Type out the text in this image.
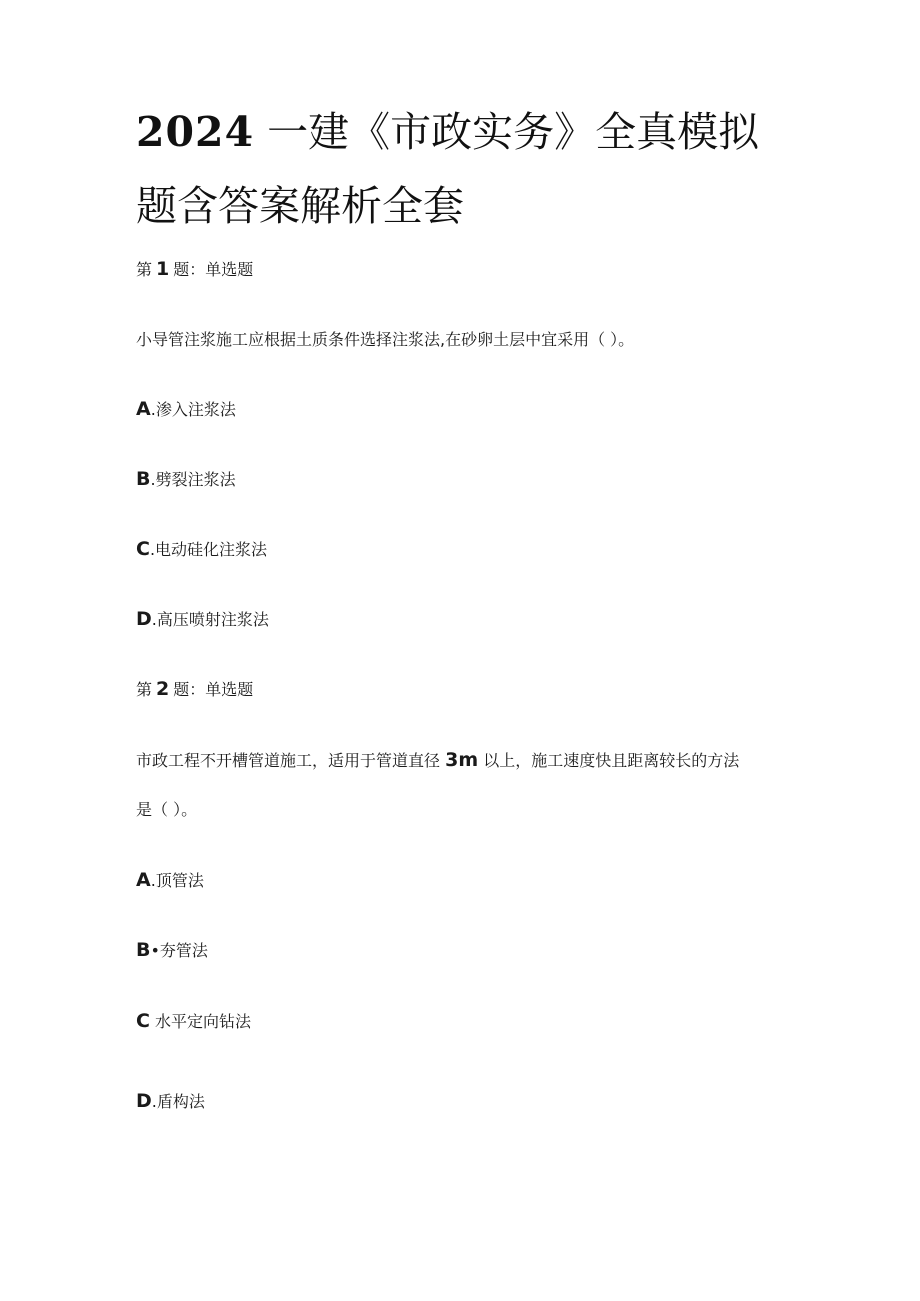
2024 一建《市政实务》全真模拟
题含答案解析全套
第 1 题：单选题
小导管注浆施工应根据土质条件选择注浆法,在砂卵土层中宜采用（ ）。
A.渗入注浆法
B.劈裂注浆法
C.电动硅化注浆法
D.高压喷射注浆法
第 2 题：单选题
市政工程不开槽管道施工，适用于管道直径 3m 以上，施工速度快且距离较长的方法
是（ ）。
A.顶管法
B•夯管法
C 水平定向钻法
D.盾构法
